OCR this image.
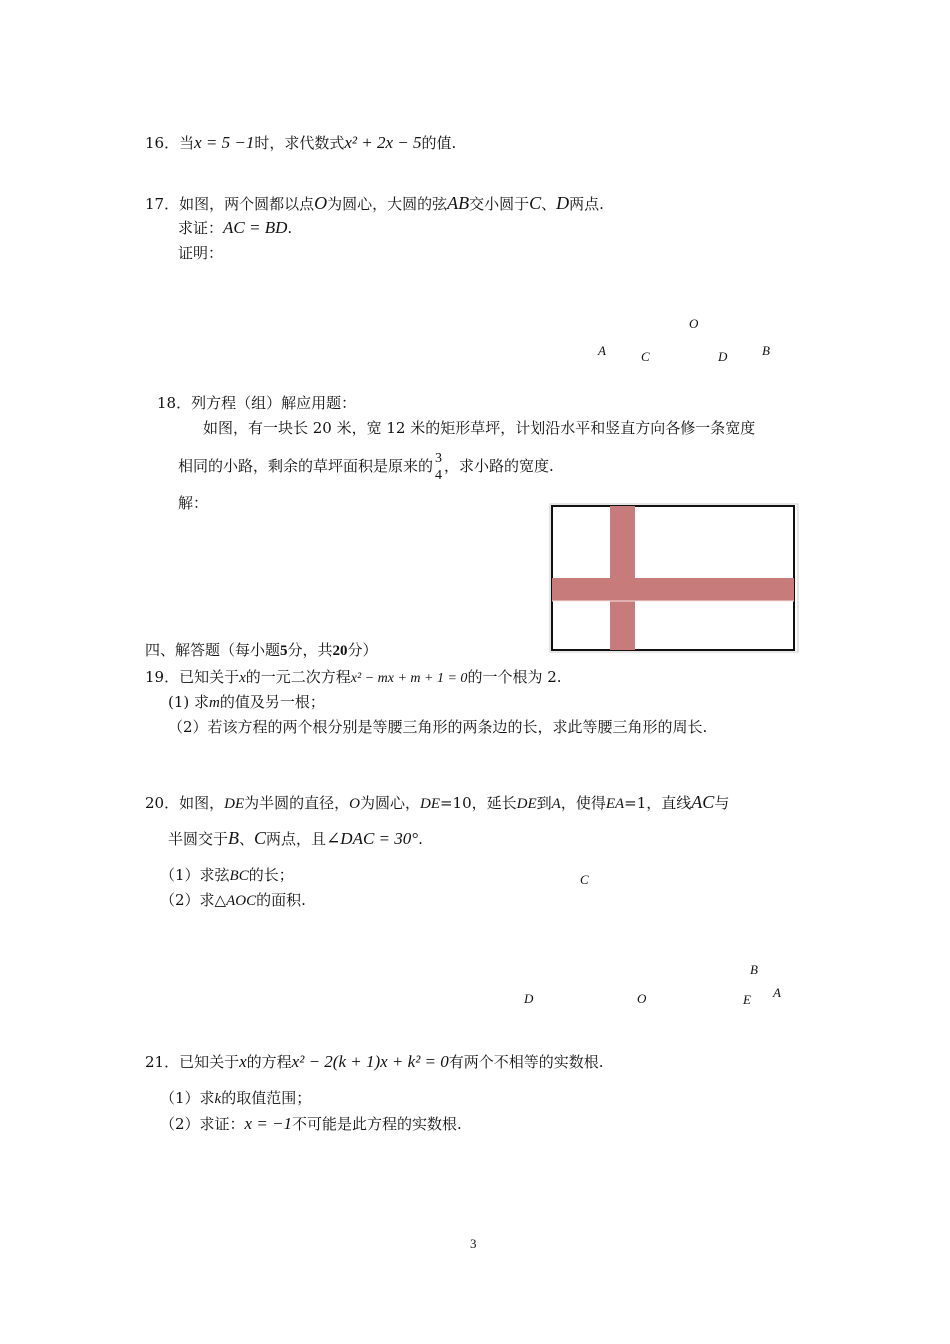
16．当x = 5 −1时，求代数式x² + 2x − 5的值.
17．如图，两个圆都以点O为圆心，大圆的弦AB交小圆于C、D两点.
求证：AC = BD.
证明：
O
A	C	D	B
18．列方程（组）解应用题：
如图，有一块长 20 米，宽 12 米的矩形草坪，计划沿水平和竖直方向各修一条宽度
相同的小路，剩余的草坪面积是原来的 $\frac{3}{4}$ ，求小路的宽度.
解：
四、解答题（每小题5分，共20分）
19．已知关于x的一元二次方程x² − mx + m + 1 = 0的一个根为 2.
(1) 求m的值及另一根；
（2）若该方程的两个根分别是等腰三角形的两条边的长，求此等腰三角形的周长.
20．如图，DE为半圆的直径，O为圆心，DE=10，延长DE到A，使得EA=1，直线AC与
半圆交于B、C两点，且∠DAC = 30°.
（1）求弦BC的长；
（2）求△AOC的面积.
C
B
D	O	E A
21．已知关于x的方程x² − 2(k + 1)x + k² = 0有两个不相等的实数根.
（1）求k的取值范围；
（2）求证：x = −1不可能是此方程的实数根.
3
